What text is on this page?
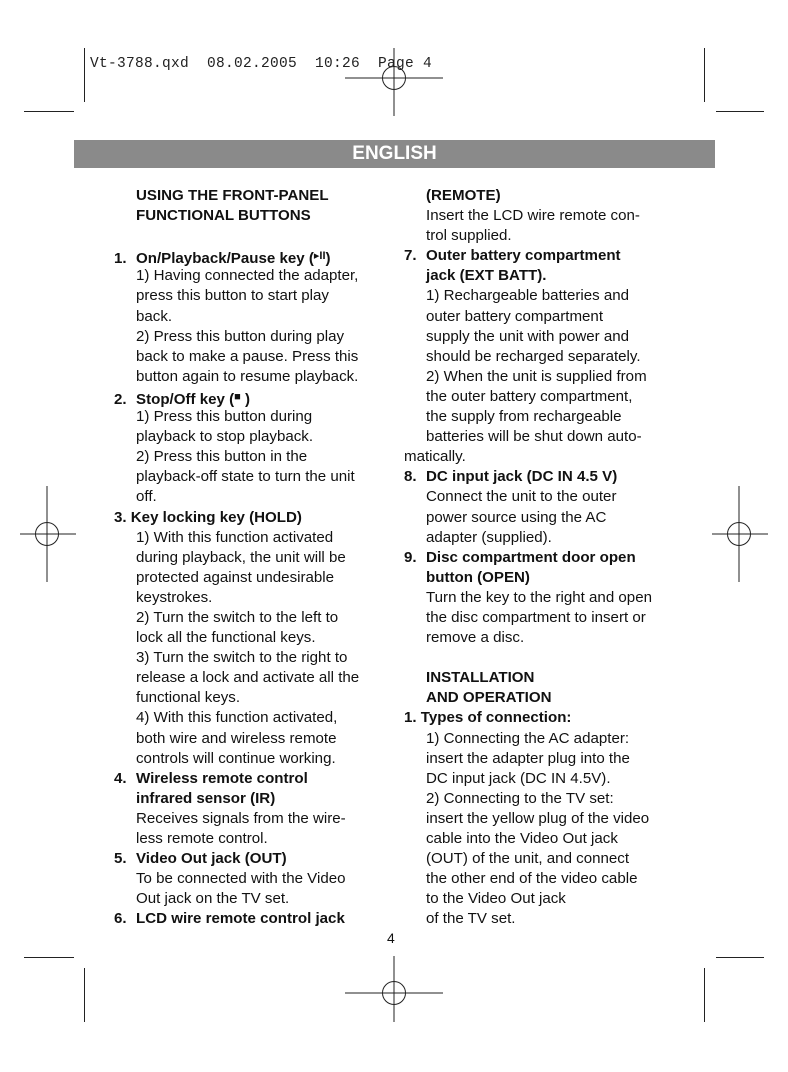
Vt-3788.qxd  08.02.2005  10:26  Page 4
ENGLISH
USING THE FRONT-PANEL
FUNCTIONAL BUTTONS
1. On/Playback/Pause key ($^{▸II}$)
1) Having connected the adapter,
press this button to start play
back.
2) Press this button during play
back to make a pause. Press this
button again to resume playback.
2. Stop/Off key (■ )
1) Press this button during
playback to stop playback.
2) Press this button in the
playback-off state to turn the unit
off.
3. Key locking key (HOLD)
1) With this function activated
during playback, the unit will be
protected against undesirable
keystrokes.
2) Turn the switch to the left to
lock all the functional keys.
3) Turn the switch to the right to
release a lock and activate all the
functional keys.
4) With this function activated,
both wire and wireless remote
controls will continue working.
4. Wireless remote control
infrared sensor (IR)
Receives signals from the wire-
less remote control.
5. Video Out jack (OUT)
To be connected with the Video
Out jack on the TV set.
6. LCD wire remote control jack
(REMOTE)
Insert the LCD wire remote con-
trol supplied.
7. Outer battery compartment
jack (EXT BATT).
1) Rechargeable batteries and
outer battery compartment
supply the unit with power and
should be recharged separately.
2) When the unit is supplied from
the outer battery compartment,
the supply from rechargeable
batteries will be shut down auto-
matically.
8. DC input jack (DC IN 4.5 V)
Connect the unit to the outer
power source using the AC
adapter (supplied).
9. Disc compartment door open
button (OPEN)
Turn the key to the right and open
the disc compartment to insert or
remove a disc.
INSTALLATION
AND OPERATION
1. Types of connection:
1) Connecting the AC adapter:
insert the adapter plug into the
DC input jack (DC IN 4.5V).
2) Connecting to the TV set:
insert the yellow plug of the video
cable into the Video Out jack
(OUT) of the unit, and connect
the other end of the video cable
to the Video Out jack
of the TV set.
4
